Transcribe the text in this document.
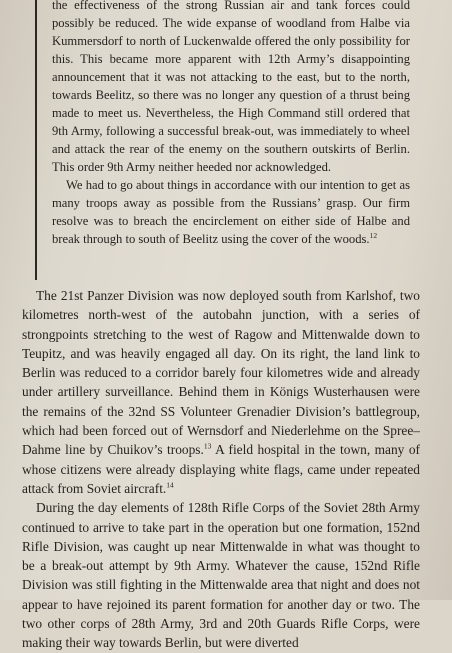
the effectiveness of the strong Russian air and tank forces could possibly be reduced. The wide expanse of woodland from Halbe via Kummersdorf to north of Luckenwalde offered the only possibility for this. This became more apparent with 12th Army’s disappointing announcement that it was not attacking to the east, but to the north, towards Beelitz, so there was no longer any question of a thrust being made to meet us. Nevertheless, the High Command still ordered that 9th Army, following a successful break-out, was immediately to wheel and attack the rear of the enemy on the southern outskirts of Berlin. This order 9th Army neither heeded nor acknowledged.

We had to go about things in accordance with our intention to get as many troops away as possible from the Russians’ grasp. Our firm resolve was to breach the encirclement on either side of Halbe and break through to south of Beelitz using the cover of the woods.$^{12}$

The 21st Panzer Division was now deployed south from Karlshof, two kilometres north-west of the autobahn junction, with a series of strongpoints stretching to the west of Ragow and Mittenwalde down to Teupitz, and was heavily engaged all day. On its right, the land link to Berlin was reduced to a corridor barely four kilometres wide and already under artillery surveillance. Behind them in Königs Wusterhausen were the remains of the 32nd SS Volunteer Grenadier Division’s battlegroup, which had been forced out of Wernsdorf and Niederlehme on the Spree–Dahme line by Chuikov’s troops.$^{13}$ A field hospital in the town, many of whose citizens were already displaying white flags, came under repeated attack from Soviet aircraft.$^{14}$

During the day elements of 128th Rifle Corps of the Soviet 28th Army continued to arrive to take part in the operation but one formation, 152nd Rifle Division, was caught up near Mittenwalde in what was thought to be a break-out attempt by 9th Army. Whatever the cause, 152nd Rifle Division was still fighting in the Mittenwalde area that night and does not appear to have rejoined its parent formation for another day or two. The two other corps of 28th Army, 3rd and 20th Guards Rifle Corps, were making their way towards Berlin, but were diverted
